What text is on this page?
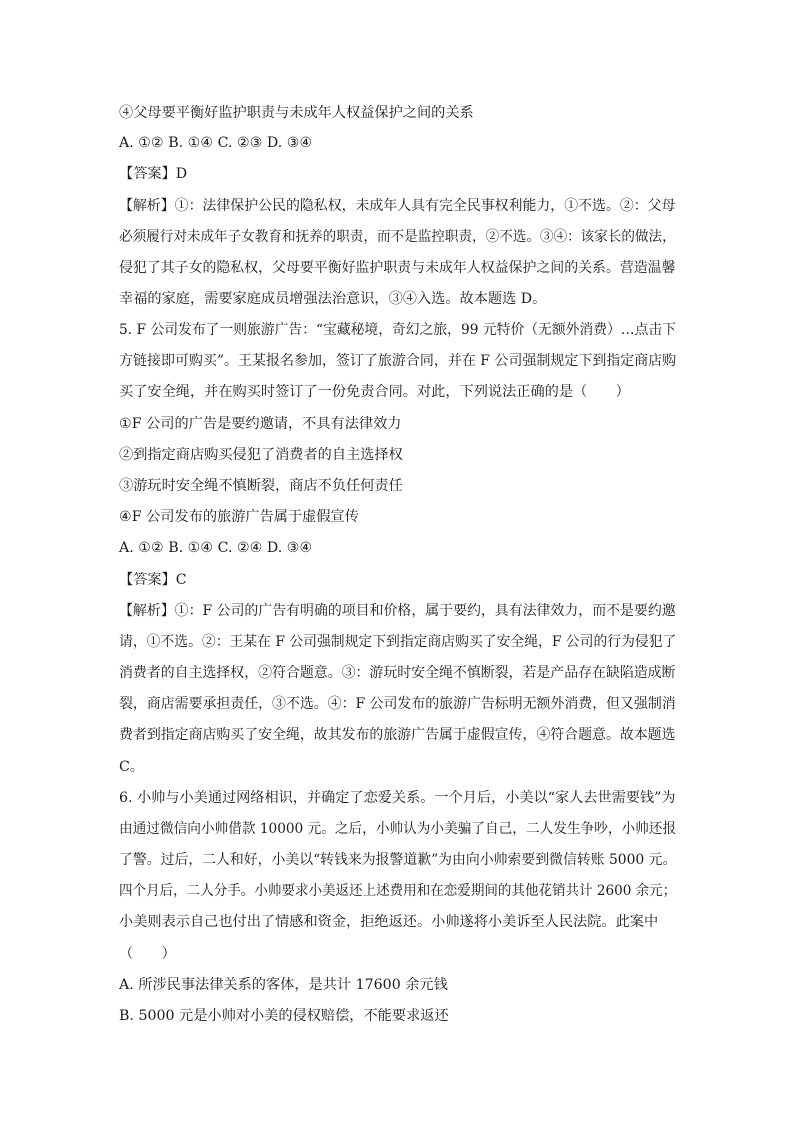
④父母要平衡好监护职责与未成年人权益保护之间的关系
A. ①② B. ①④ C. ②③ D. ③④
【答案】D
【解析】①：法律保护公民的隐私权，未成年人具有完全民事权利能力，①不选。②：父母
必须履行对未成年子女教育和抚养的职责，而不是监控职责，②不选。③④：该家长的做法，
侵犯了其子女的隐私权，父母要平衡好监护职责与未成年人权益保护之间的关系。营造温馨
幸福的家庭，需要家庭成员增强法治意识，③④入选。故本题选 D。
5. F 公司发布了一则旅游广告：“宝藏秘境，奇幻之旅，99 元特价（无额外消费）…点击下
方链接即可购买”。王某报名参加，签订了旅游合同，并在 F 公司强制规定下到指定商店购
买了安全绳，并在购买时签订了一份免责合同。对此，下列说法正确的是（　　）
①F 公司的广告是要约邀请，不具有法律效力
②到指定商店购买侵犯了消费者的自主选择权
③游玩时安全绳不慎断裂，商店不负任何责任
④F 公司发布的旅游广告属于虚假宣传
A. ①② B. ①④ C. ②④ D. ③④
【答案】C
【解析】①：F 公司的广告有明确的项目和价格，属于要约，具有法律效力，而不是要约邀
请，①不选。②：王某在 F 公司强制规定下到指定商店购买了安全绳，F 公司的行为侵犯了
消费者的自主选择权，②符合题意。③：游玩时安全绳不慎断裂，若是产品存在缺陷造成断
裂，商店需要承担责任，③不选。④：F 公司发布的旅游广告标明无额外消费，但又强制消
费者到指定商店购买了安全绳，故其发布的旅游广告属于虚假宣传，④符合题意。故本题选
C。
6. 小帅与小美通过网络相识，并确定了恋爱关系。一个月后，小美以“家人去世需要钱”为
由通过微信向小帅借款 10000 元。之后，小帅认为小美骗了自己，二人发生争吵，小帅还报
了警。过后，二人和好，小美以“转钱来为报警道歉”为由向小帅索要到微信转账 5000 元。
四个月后，二人分手。小帅要求小美返还上述费用和在恋爱期间的其他花销共计 2600 余元；
小美则表示自己也付出了情感和资金，拒绝返还。小帅遂将小美诉至人民法院。此案中
（　　）
A. 所涉民事法律关系的客体，是共计 17600 余元钱
B. 5000 元是小帅对小美的侵权赔偿，不能要求返还
